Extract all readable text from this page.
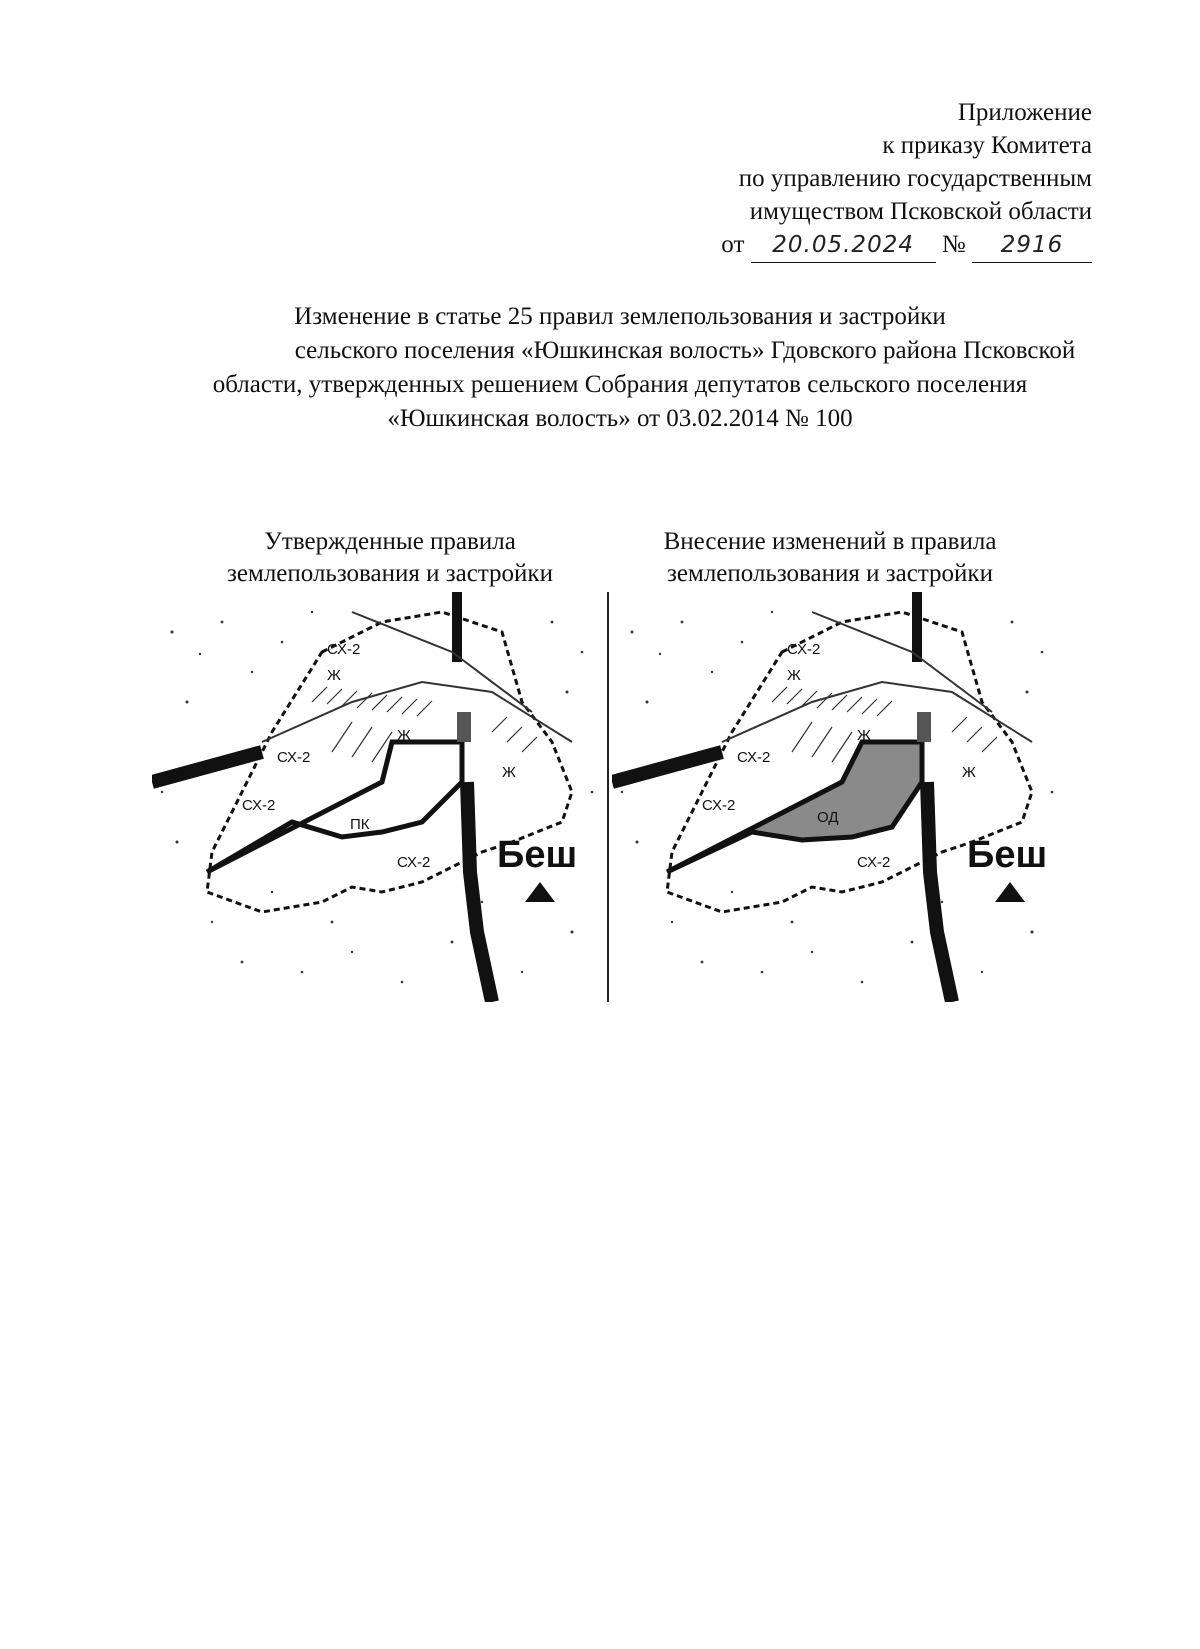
Приложение
к приказу Комитета
по управлению государственным
имуществом Псковской области
от 20.05.2024 № 2916
Изменение в статье 25 правил землепользования и застройки
сельского поселения «Юшкинская волость» Гдовского района Псковской
области, утвержденных решением Собрания депутатов сельского поселения
«Юшкинская волость» от 03.02.2014 № 100
Утвержденные правила
землепользования и застройки
Внесение изменений в правила
землепользования и застройки
СХ-2
Ж
Ж
СХ-2
Ж
СХ-2
ПК
СХ-2 Беш
СХ-2
Ж
Ж
СХ-2
Ж
СХ-2
ОД
СХ-2 Беш
